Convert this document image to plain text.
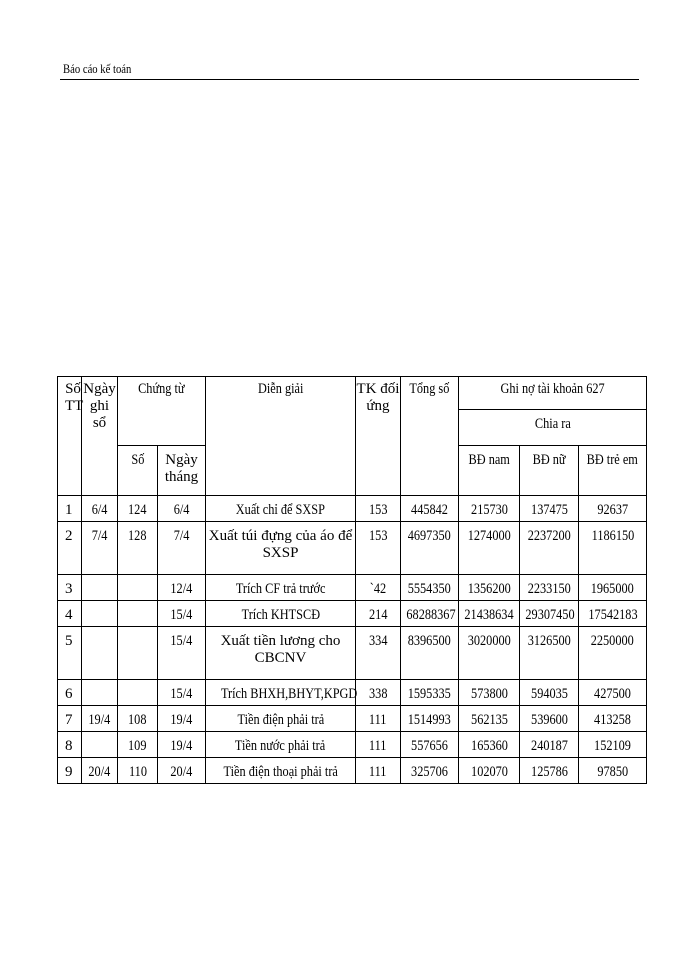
Báo cáo kế toán
Số TT	Ngày ghi sổ	Chứng từ		Diễn giải	TK đối ứng	Tổng số	Ghi nợ tài khoản 627		
							Chia ra		
		Số	Ngày tháng				BĐ nam	BĐ nữ	BĐ trẻ em
1	6/4	124	6/4	Xuất chỉ để SXSP	153	445842	215730	137475	92637
2	7/4	128	7/4	Xuất túi đựng của áo để SXSP	153	4697350	1274000	2237200	1186150
3			12/4	Trích CF trả trước	`42	5554350	1356200	2233150	1965000
4			15/4	Trích KHTSCĐ	214	68288367	21438634	29307450	17542183
5			15/4	Xuất tiền lương cho CBCNV	334	8396500	3020000	3126500	2250000
6			15/4	Trích BHXH,BHYT,KPGD	338	1595335	573800	594035	427500
7	19/4	108	19/4	Tiền điện phải trả	111	1514993	562135	539600	413258
8		109	19/4	Tiền nước phải trả	111	557656	165360	240187	152109
9	20/4	110	20/4	Tiền điện thoại phải trả	111	325706	102070	125786	97850
